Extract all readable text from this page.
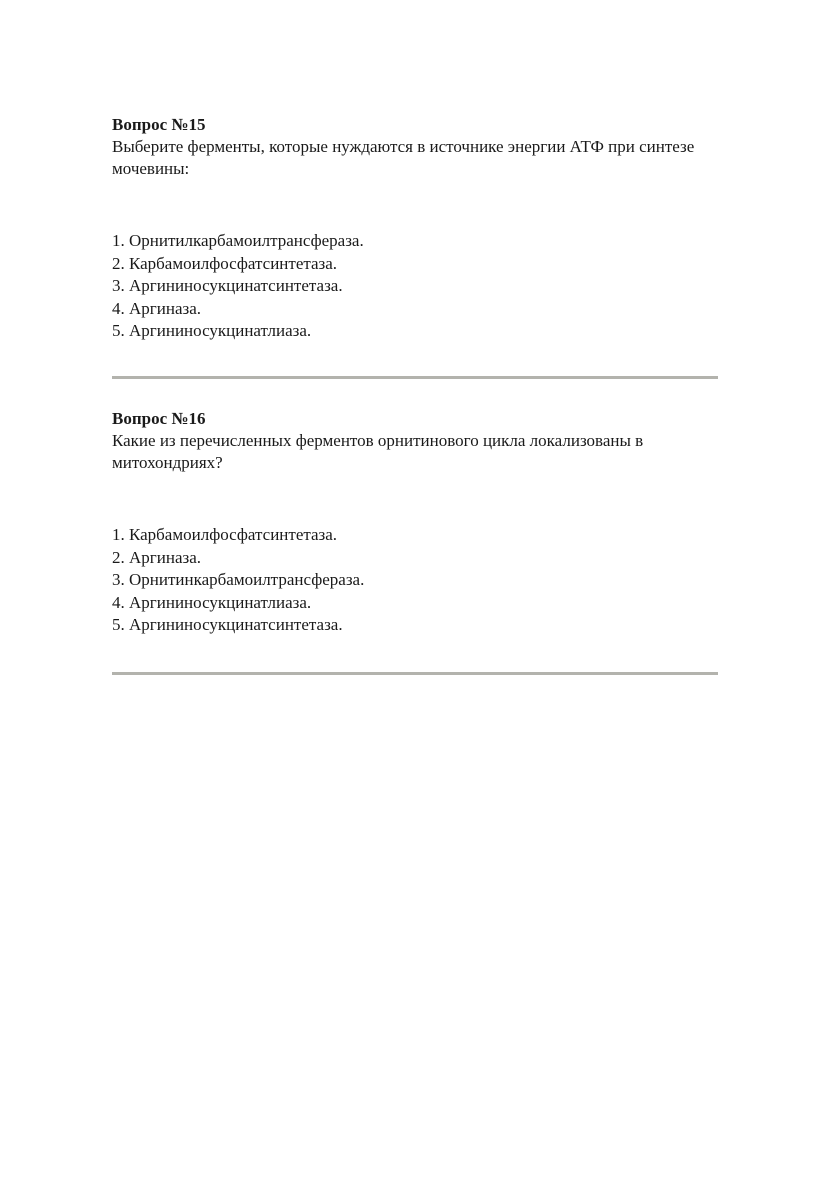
Вопрос №15

Выберите ферменты, которые нуждаются в источнике энергии АТФ при синтезе мочевины:

1. Орнитилкарбамоилтрансфераза.
2. Карбамоилфосфатсинтетаза.
3. Аргининосукцинатсинтетаза.
4. Аргиназа.
5. Аргининосукцинатлиаза.

Вопрос №16

Какие из перечисленных ферментов орнитинового цикла локализованы в митохондриях?

1. Карбамоилфосфатсинтетаза.
2. Аргиназа.
3. Орнитинкарбамоилтрансфераза.
4. Аргининосукцинатлиаза.
5. Аргининосукцинатсинтетаза.
